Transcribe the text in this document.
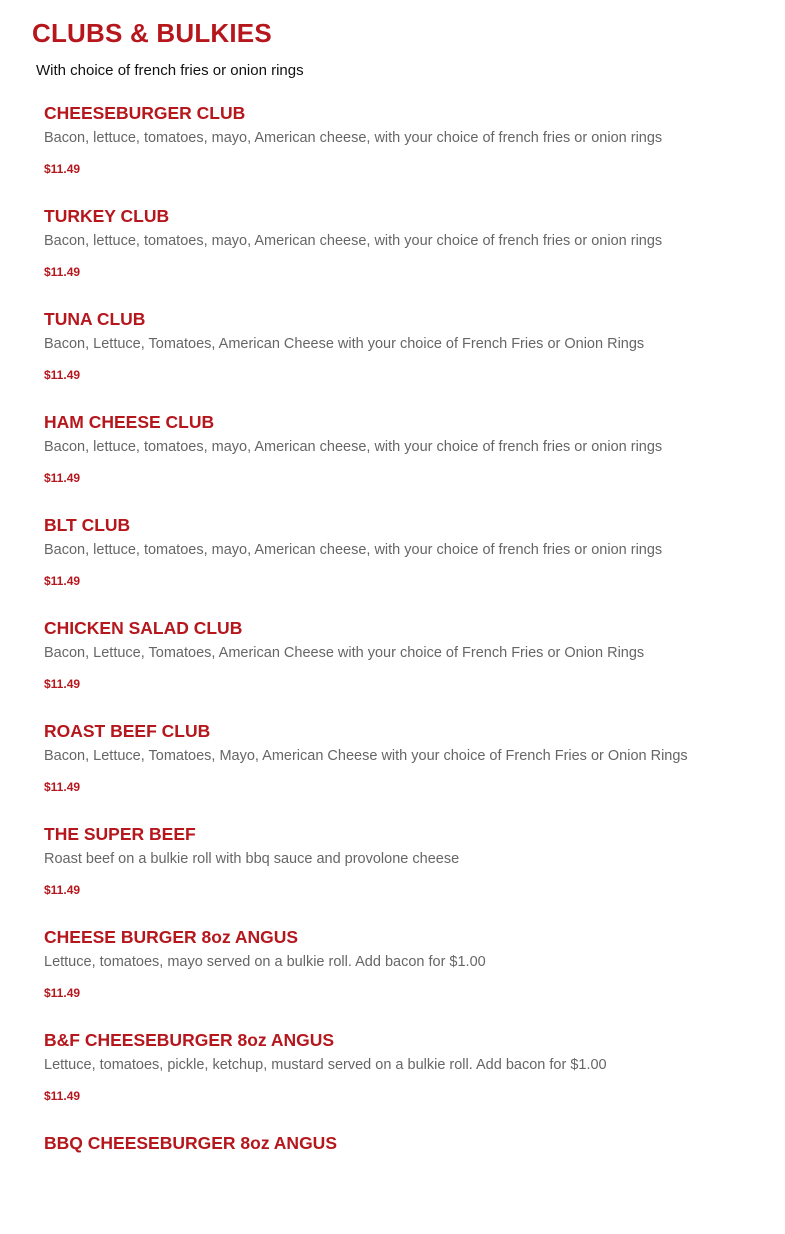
CLUBS & BULKIES

With choice of french fries or onion rings

CHEESEBURGER CLUB

Bacon, lettuce, tomatoes, mayo, American cheese, with your choice of french fries or onion rings

$11.49

TURKEY CLUB

Bacon, lettuce, tomatoes, mayo, American cheese, with your choice of french fries or onion rings

$11.49

TUNA CLUB

Bacon, Lettuce, Tomatoes, American Cheese with your choice of French Fries or Onion Rings

$11.49

HAM CHEESE CLUB

Bacon, lettuce, tomatoes, mayo, American cheese, with your choice of french fries or onion rings

$11.49

BLT CLUB

Bacon, lettuce, tomatoes, mayo, American cheese, with your choice of french fries or onion rings

$11.49

CHICKEN SALAD CLUB

Bacon, Lettuce, Tomatoes, American Cheese with your choice of French Fries or Onion Rings

$11.49

ROAST BEEF CLUB

Bacon, Lettuce, Tomatoes, Mayo, American Cheese with your choice of French Fries or Onion Rings

$11.49

THE SUPER BEEF

Roast beef on a bulkie roll with bbq sauce and provolone cheese

$11.49

CHEESE BURGER 8oz ANGUS

Lettuce, tomatoes, mayo served on a bulkie roll. Add bacon for $1.00

$11.49

B&F CHEESEBURGER 8oz ANGUS

Lettuce, tomatoes, pickle, ketchup, mustard served on a bulkie roll. Add bacon for $1.00

$11.49

BBQ CHEESEBURGER 8oz ANGUS
